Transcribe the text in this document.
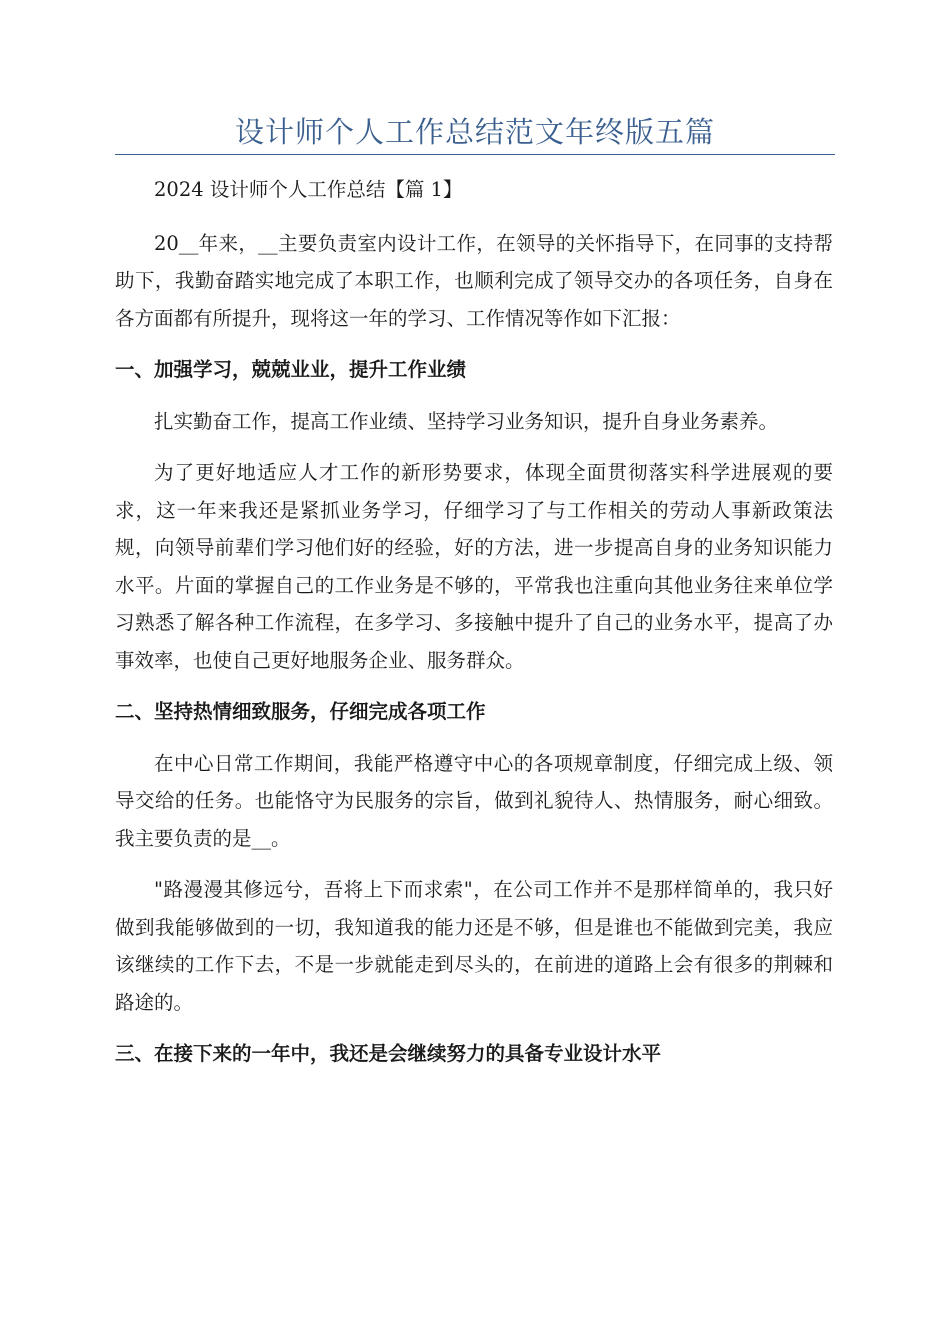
设计师个人工作总结范文年终版五篇

2024 设计师个人工作总结【篇 1】

20__年来，__主要负责室内设计工作，在领导的关怀指导下，在同事的支持帮助下，我勤奋踏实地完成了本职工作，也顺利完成了领导交办的各项任务，自身在各方面都有所提升，现将这一年的学习、工作情况等作如下汇报：

一、加强学习，兢兢业业，提升工作业绩

扎实勤奋工作，提高工作业绩、坚持学习业务知识，提升自身业务素养。

为了更好地适应人才工作的新形势要求，体现全面贯彻落实科学进展观的要求，这一年来我还是紧抓业务学习，仔细学习了与工作相关的劳动人事新政策法规，向领导前辈们学习他们好的经验，好的方法，进一步提高自身的业务知识能力水平。片面的掌握自己的工作业务是不够的，平常我也注重向其他业务往来单位学习熟悉了解各种工作流程，在多学习、多接触中提升了自己的业务水平，提高了办事效率，也使自己更好地服务企业、服务群众。

二、坚持热情细致服务，仔细完成各项工作

在中心日常工作期间，我能严格遵守中心的各项规章制度，仔细完成上级、领导交给的任务。也能恪守为民服务的宗旨，做到礼貌待人、热情服务，耐心细致。我主要负责的是__。

"路漫漫其修远兮，吾将上下而求索"，在公司工作并不是那样简单的，我只好做到我能够做到的一切，我知道我的能力还是不够，但是谁也不能做到完美，我应该继续的工作下去，不是一步就能走到尽头的，在前进的道路上会有很多的荆棘和路途的。

三、在接下来的一年中，我还是会继续努力的具备专业设计水平
